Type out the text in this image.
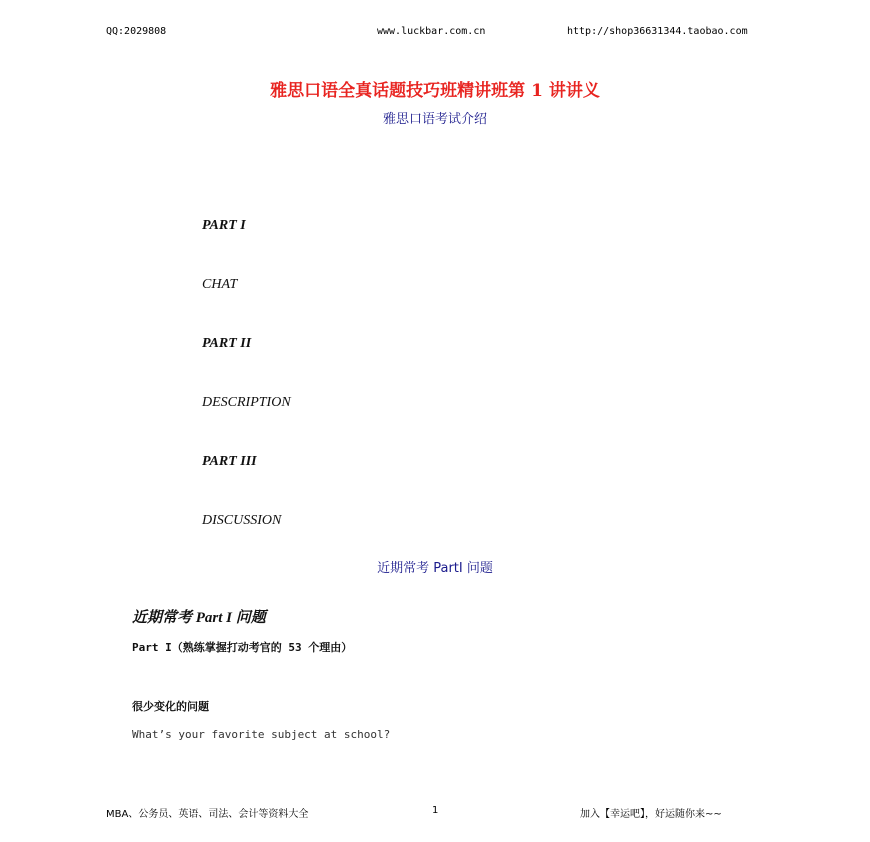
QQ:2029808	www.luckbar.com.cn	http://shop36631344.taobao.com
雅思口语全真话题技巧班精讲班第 1 讲讲义
雅思口语考试介绍
PART I
CHAT
PART II
DESCRIPTION
PART III
DISCUSSION
近期常考 PartI 问题
近期常考 Part I 问题
Part I（熟练掌握打动考官的 53 个理由）
很少变化的问题
What’s your favorite subject at school?
MBA、公务员、英语、司法、会计等资料大全	1	加入【幸运吧】，好运随你来~~
